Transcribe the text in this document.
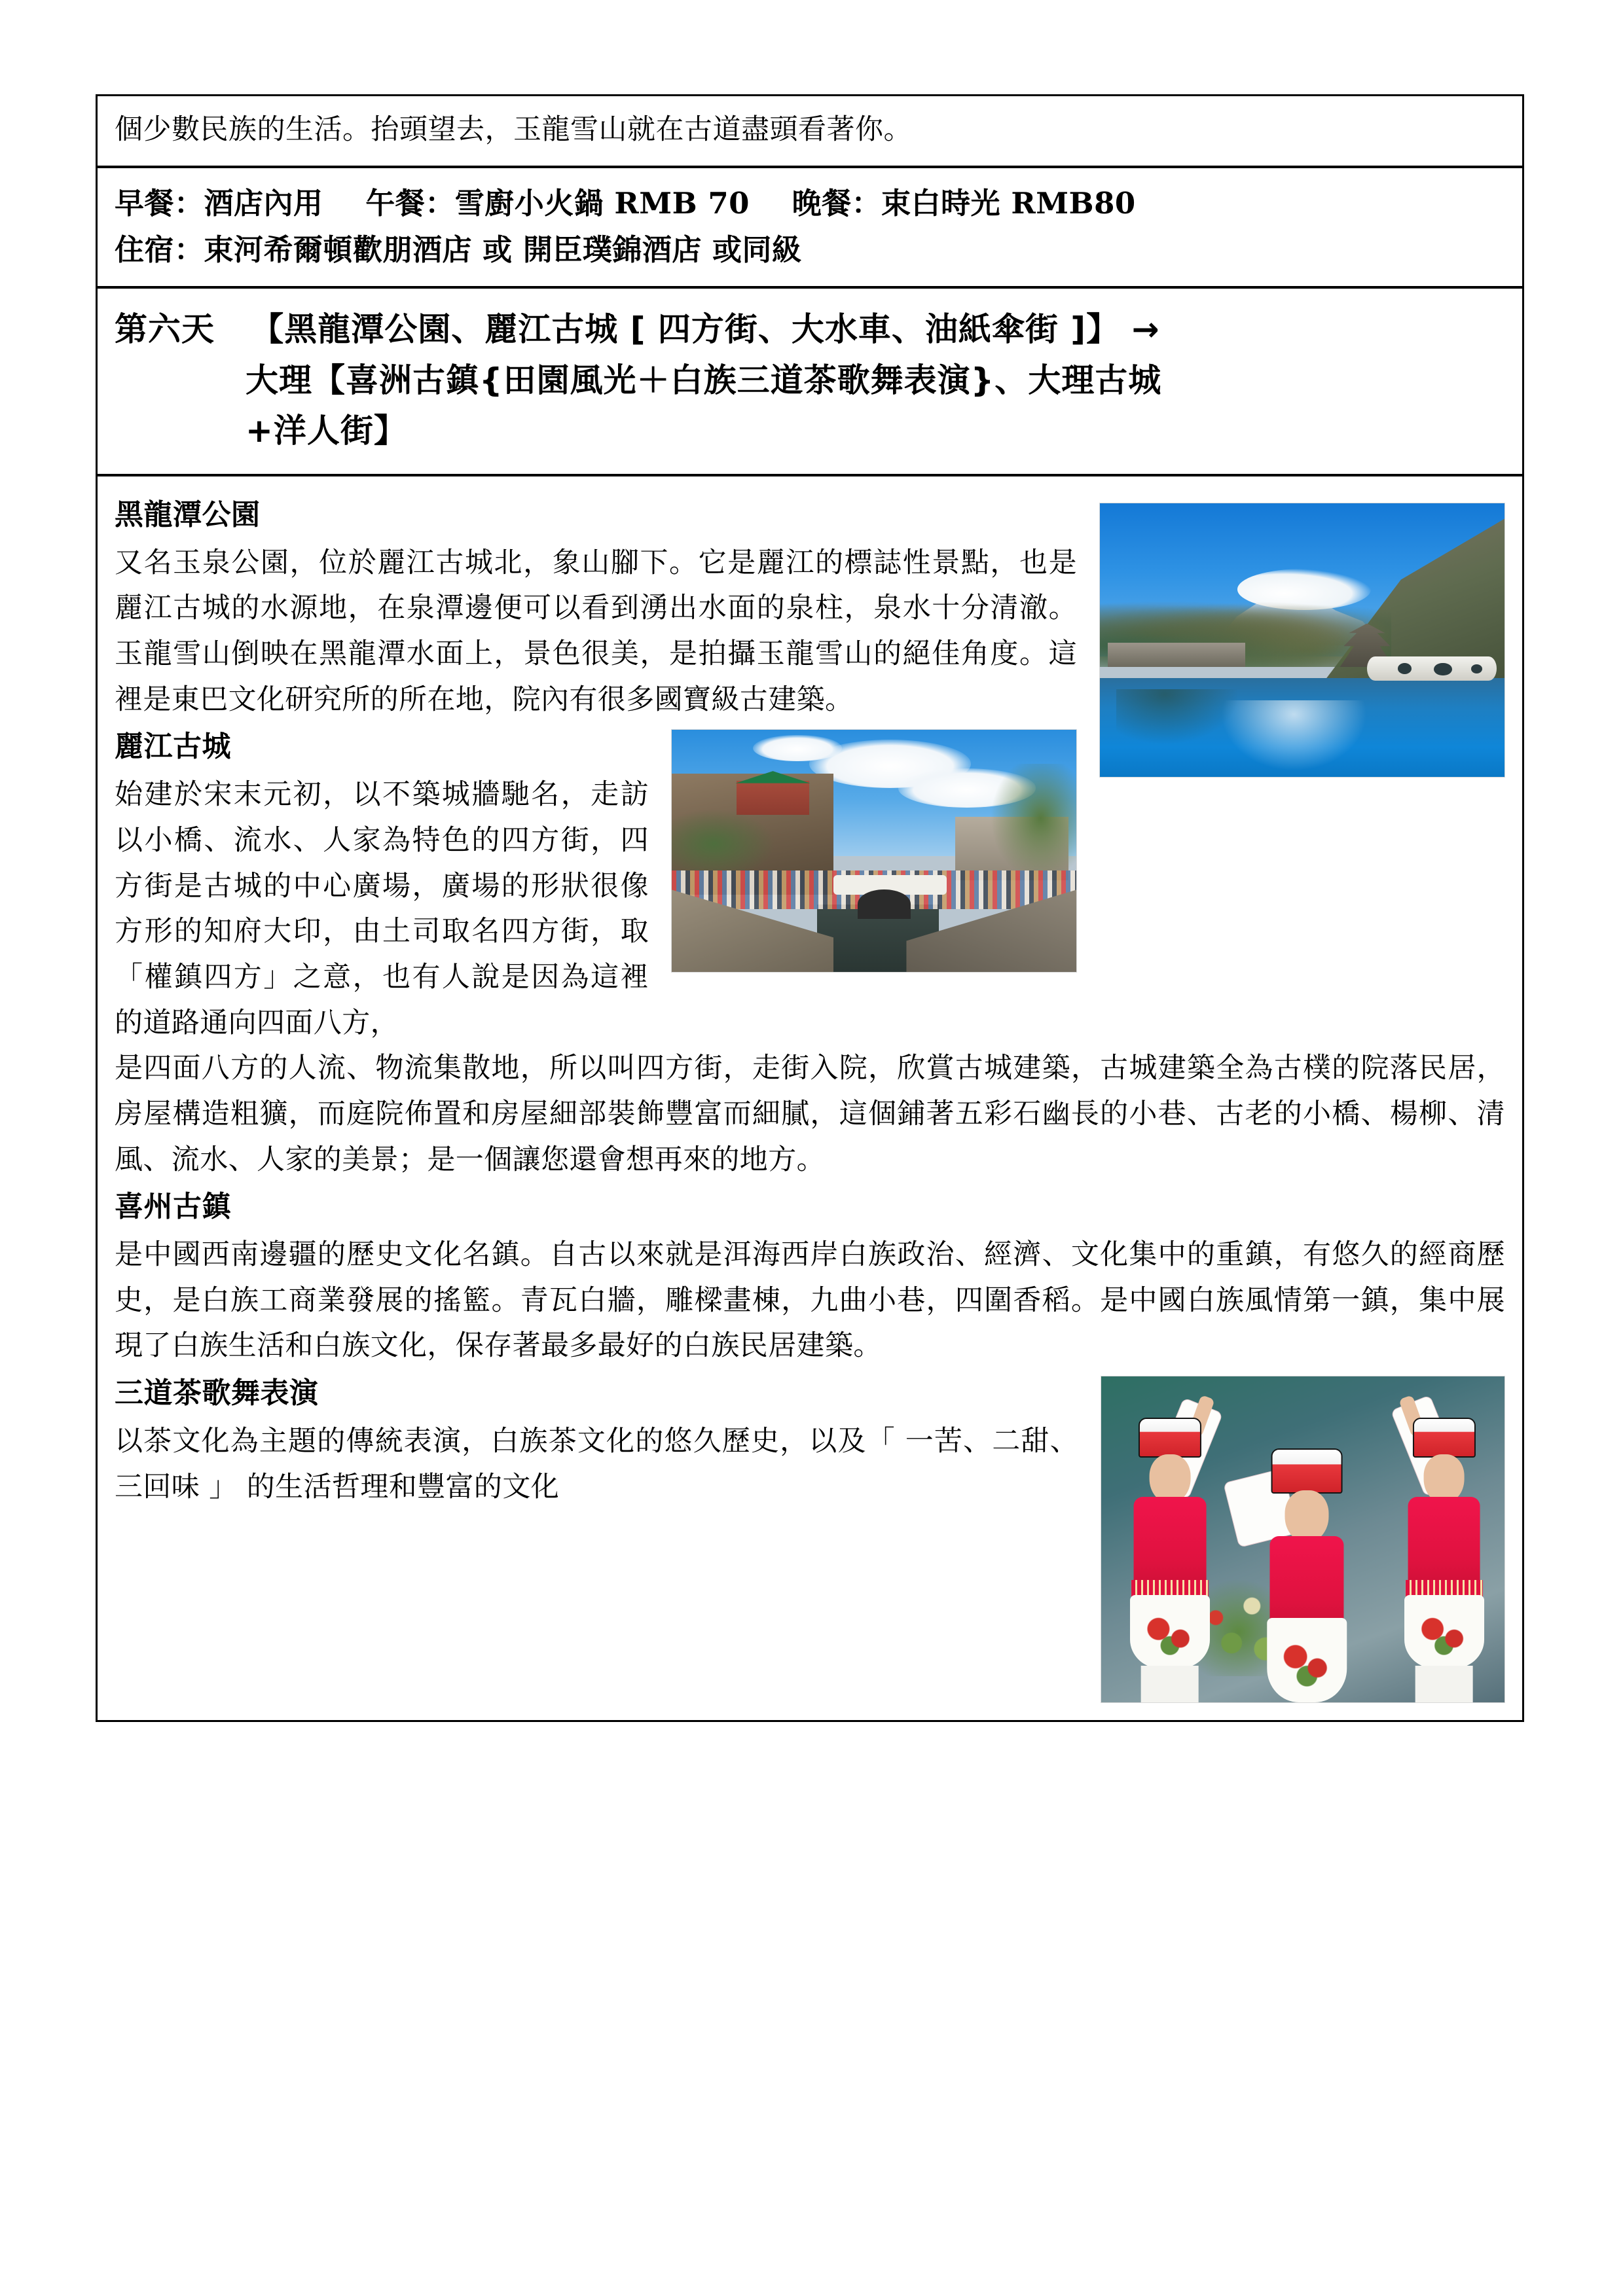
個少數民族的生活。抬頭望去，玉龍雪山就在古道盡頭看著你。
早餐：酒店內用 午餐：雪廚小火鍋 RMB 70 晚餐：束白時光 RMB80
住宿：束河希爾頓歡朋酒店 或 開臣璞錦酒店 或同級
第六天 【黑龍潭公園、麗江古城 [ 四方街、大水車、油紙傘街 ]】 →
大理【喜洲古鎮{田園風光＋白族三道茶歌舞表演}、大理古城
+洋人街】
黑龍潭公園

又名玉泉公園，位於麗江古城北，象山腳下。它是麗江的標誌性景點，也是麗江古城的水源地，在泉潭邊便可以看到湧出水面的泉柱，泉水十分清澈。玉龍雪山倒映在黑龍潭水面上，景色很美，是拍攝玉龍雪山的絕佳角度。這裡是東巴文化研究所的所在地，院內有很多國寶級古建築。

麗江古城

始建於宋末元初，以不築城牆馳名，走訪以小橋、流水、人家為特色的四方街，四方街是古城的中心廣場，廣場的形狀很像方形的知府大印，由土司取名四方街，取「權鎮四方」之意，也有人說是因為這裡的道路通向四面八方，

是四面八方的人流、物流集散地，所以叫四方街，走街入院，欣賞古城建築，古城建築全為古樸的院落民居，房屋構造粗獷，而庭院佈置和房屋細部裝飾豐富而細膩，這個鋪著五彩石幽長的小巷、古老的小橋、楊柳、清風、流水、人家的美景；是一個讓您還會想再來的地方。

喜州古鎮

是中國西南邊疆的歷史文化名鎮。自古以來就是洱海西岸白族政治、經濟、文化集中的重鎮，有悠久的經商歷史，是白族工商業發展的搖籃。青瓦白牆，雕樑畫棟，九曲小巷，四圍香稻。是中國白族風情第一鎮，集中展現了白族生活和白族文化，保存著最多最好的白族民居建築。

三道茶歌舞表演

以茶文化為主題的傳統表演，白族茶文化的悠久歷史，以及「 一苦、二甜、三回味 」 的生活哲理和豐富的文化
